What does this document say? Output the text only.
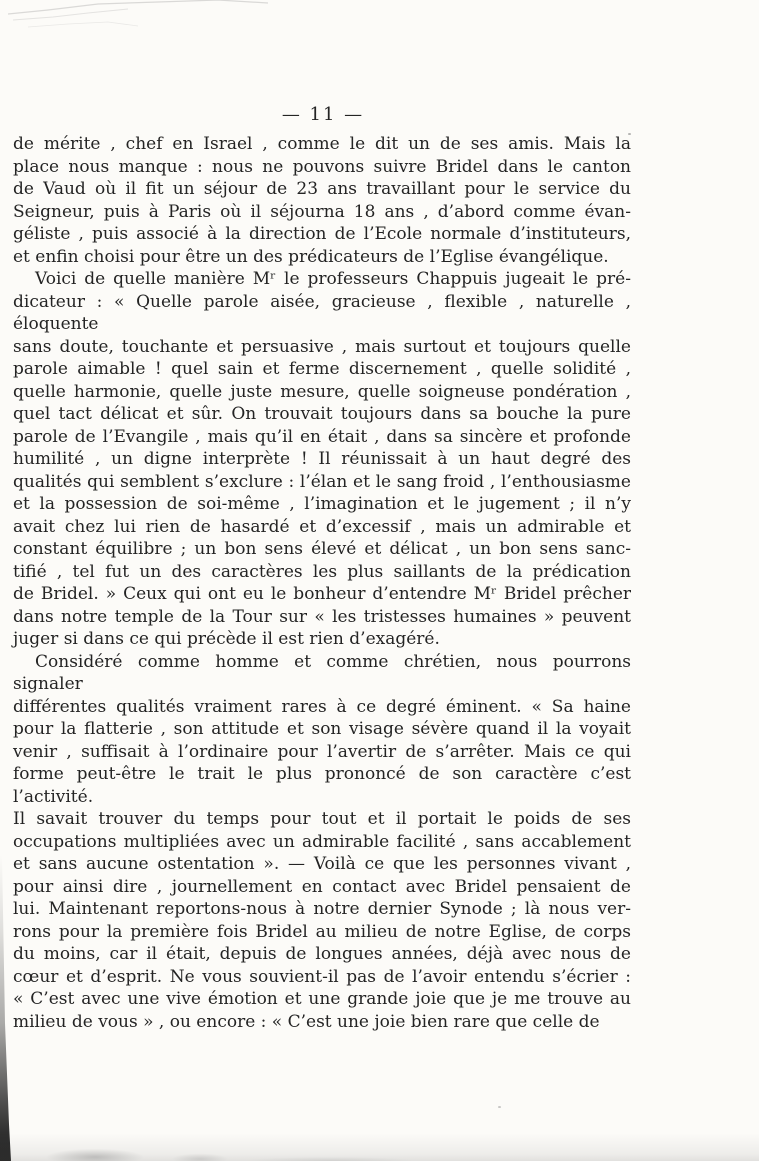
— 11 —
de mérite , chef en Israel , comme le dit un de ses amis. Mais la
place nous manque : nous ne pouvons suivre Bridel dans le canton
de Vaud où il fit un séjour de 23 ans travaillant pour le service du
Seigneur, puis à Paris où il séjourna 18 ans , d’abord comme évan-
géliste , puis associé à la direction de l’Ecole normale d’instituteurs,
et enfin choisi pour être un des prédicateurs de l’Eglise évangélique.
Voici de quelle manière Mʳ le professeurs Chappuis jugeait le pré-
dicateur : « Quelle parole aisée, gracieuse , flexible , naturelle , éloquente
sans doute, touchante et persuasive , mais surtout et toujours quelle
parole aimable ! quel sain et ferme discernement , quelle solidité ,
quelle harmonie, quelle juste mesure, quelle soigneuse pondération ,
quel tact délicat et sûr. On trouvait toujours dans sa bouche la pure
parole de l’Evangile , mais qu’il en était , dans sa sincère et profonde
humilité , un digne interprète ! Il réunissait à un haut degré des
qualités qui semblent s’exclure : l’élan et le sang froid , l’enthousiasme
et la possession de soi-même , l’imagination et le jugement ; il n’y
avait chez lui rien de hasardé et d’excessif , mais un admirable et
constant équilibre ; un bon sens élevé et délicat , un bon sens sanc-
tifié , tel fut un des caractères les plus saillants de la prédication
de Bridel. » Ceux qui ont eu le bonheur d’entendre Mʳ Bridel prêcher
dans notre temple de la Tour sur « les tristesses humaines » peuvent
juger si dans ce qui précède il est rien d’exagéré.
Considéré comme homme et comme chrétien, nous pourrons signaler
différentes qualités vraiment rares à ce degré éminent. « Sa haine
pour la flatterie , son attitude et son visage sévère quand il la voyait
venir , suffisait à l’ordinaire pour l’avertir de s’arrêter. Mais ce qui
forme peut-être le trait le plus prononcé de son caractère c’est l’activité.
Il savait trouver du temps pour tout et il portait le poids de ses
occupations multipliées avec un admirable facilité , sans accablement
et sans aucune ostentation ». — Voilà ce que les personnes vivant ,
pour ainsi dire , journellement en contact avec Bridel pensaient de
lui. Maintenant reportons-nous à notre dernier Synode ; là nous ver-
rons pour la première fois Bridel au milieu de notre Eglise, de corps
du moins, car il était, depuis de longues années, déjà avec nous de
cœur et d’esprit. Ne vous souvient-il pas de l’avoir entendu s’écrier :
« C’est avec une vive émotion et une grande joie que je me trouve au
milieu de vous » , ou encore : « C’est une joie bien rare que celle de
